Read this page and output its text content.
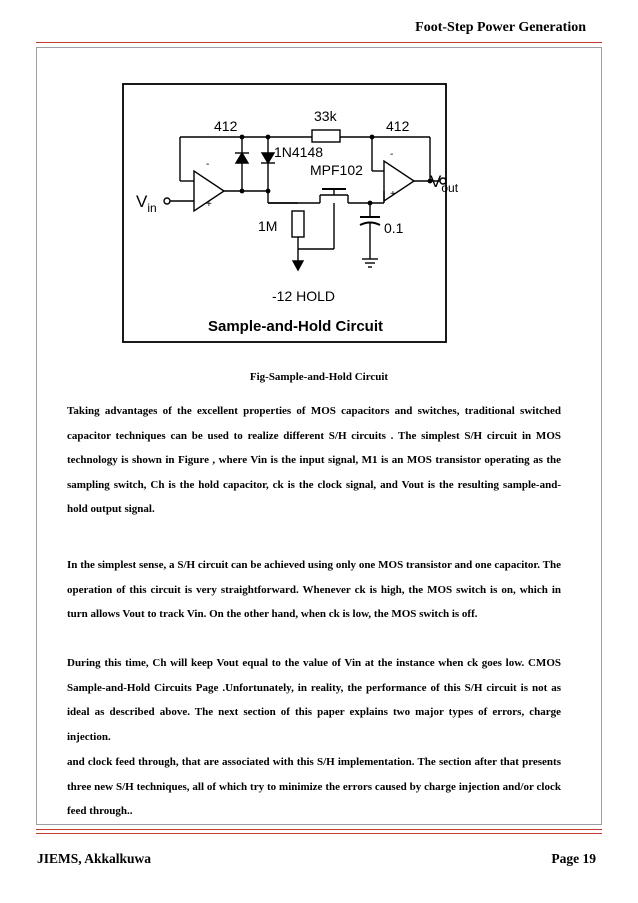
Foot-Step Power Generation
412	412
33k
1N4148
MPF102
1M	0.1
-12 HOLD
-
+
-
+
$V_{in}$
$V_{out}$
Sample-and-Hold Circuit
Fig-Sample-and-Hold Circuit
Taking advantages of the excellent properties of MOS capacitors and switches, traditional switched capacitor techniques can be used to realize different S/H circuits . The simplest S/H circuit in MOS technology is shown in Figure , where Vin is the input signal, M1 is an MOS transistor operating as the sampling switch, Ch is the hold capacitor, ck is the clock signal, and Vout is the resulting sample-and-hold output signal.
In the simplest sense, a S/H circuit can be achieved using only one MOS transistor and one capacitor. The operation of this circuit is very straightforward. Whenever ck is high, the MOS switch is on, which in turn allows Vout to track Vin. On the other hand, when ck is low, the MOS switch is off.
During this time, Ch will keep Vout equal to the value of Vin at the instance when ck goes low. CMOS Sample-and-Hold Circuits Page .Unfortunately, in reality, the performance of this S/H circuit is not as ideal as described above. The next section of this paper explains two major types of errors, charge injection.
and clock feed through, that are associated with this S/H implementation. The section after that presents three new S/H techniques, all of which try to minimize the errors caused by charge injection and/or clock feed through..
JIEMS, Akkalkuwa	Page 19
